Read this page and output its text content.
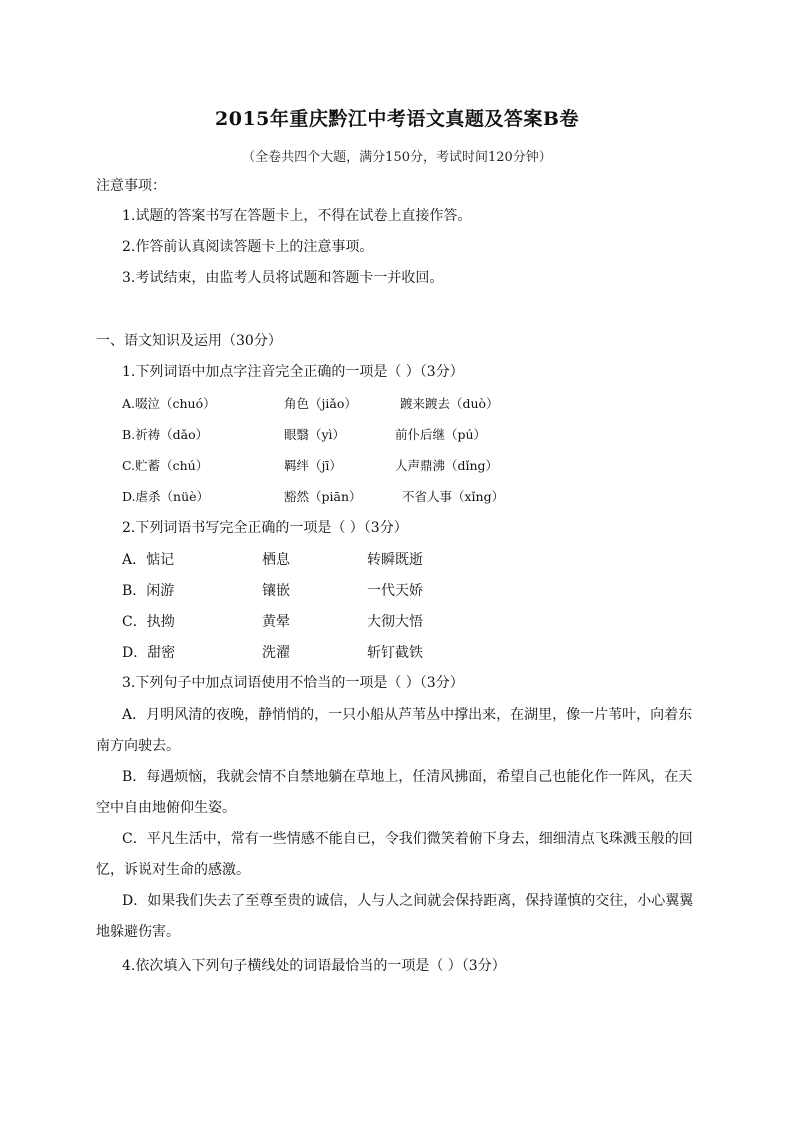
2015年重庆黔江中考语文真题及答案B卷
（全卷共四个大题，满分150分，考试时间120分钟）
注意事项：
1.试题的答案书写在答题卡上，不得在试卷上直接作答。
2.作答前认真阅读答题卡上的注意事项。
3.考试结束，由监考人员将试题和答题卡一并收回。
一、语文知识及运用（30分）
1.下列词语中加点字注音完全正确的一项是（ ）（3分）
A.啜泣（chuó）	角色（jiǎo）	踱来踱去（duò）
B.祈祷（dǎo）	眼翳（yì）	前仆后继（pú）
C.贮蓄（chú）	羁绊（jī）	人声鼎沸（dǐng）
D.虐杀（nüè）	豁然（piān）	不省人事（xǐng）
2.下列词语书写完全正确的一项是（ ）（3分）
A．惦记	栖息	转瞬既逝
B．闲游	镶嵌	一代天娇
C．执拗	黄晕	大彻大悟
D．甜密	洗濯	斩钉截铁
3.下列句子中加点词语使用不恰当的一项是（ ）（3分）
A．月明风清的夜晚，静悄悄的，一只小船从芦苇丛中撑出来，在湖里，像一片苇叶，向着东南方向驶去。
B．每遇烦恼，我就会情不自禁地躺在草地上，任清风拂面，希望自己也能化作一阵风，在天空中自由地俯仰生姿。
C．平凡生活中，常有一些情感不能自已，令我们微笑着俯下身去，细细清点飞珠溅玉般的回忆，诉说对生命的感激。
D．如果我们失去了至尊至贵的诚信，人与人之间就会保持距离，保持谨慎的交往，小心翼翼地躲避伤害。
4.依次填入下列句子横线处的词语最恰当的一项是（ ）（3分）
